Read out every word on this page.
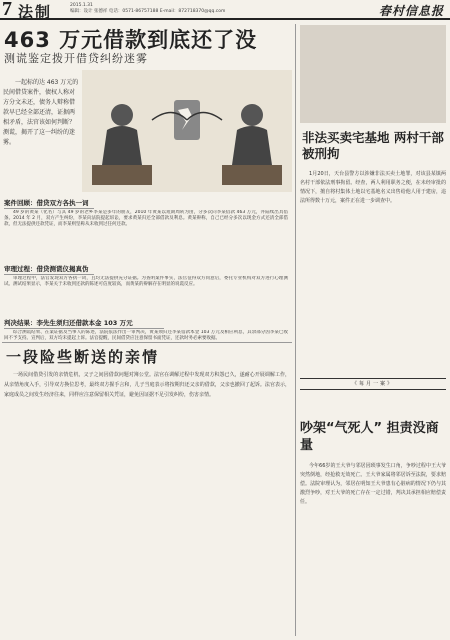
7 法制	2015.1.31
编辑：设计 张德祥 电话：0571-86757188 E-mail：872718370@qq.com	春村信息报
463 万元借款到底还了没
测谎鉴定拨开借贷纠纷迷雾
一起标的达 463 万元的民间借贷案件，债权人称对方分文未还，债务人辩称借款早已经全部还清，证据两相矛盾，法官该如何判断？测谎，揭开了这一纠纷的迷雾。
案件回顾：借贷双方各执一词
49 岁的黄某（化名）与其 49 岁的老乡李某是多年的朋友，2010 年黄某以短期周转为由，分多次向李某借款 463 万元，并陆续出具借条。2014 年 2 月，双方产生纠纷，李某向法院提起诉讼，要求黄某归还全部借款及利息。黄某辩称，自己已经分多次以现金方式还清全部借款，但无法提供还款凭证，而李某则坚称从未收到过任何还款。
审理过程：借贷测谎仪揭真伪
审理过程中，法官发现双方各执一词，且均无法提供充分证据。为查明案件事实，法官征得双方同意后，委托专业机构对双方进行心理测试。测试结果显示，李某关于未收到还款的陈述可信度较高，而黄某的辩解存在明显的说谎反应。
判决结果：李先生须归还借款本金 103 万元
综合测谎结果、在案证据及当事人的陈述，法院依法作出一审判决，黄某须归还李某借款本金 103 万元及相应利息，其余部分因李某已收回不予支持。宣判后，双方均未提起上诉。法官提醒，民间借贷应注意保留书面凭证，还款时务必索要收据。
一段险些断送的亲情
一场民间借贷引发的亲情危机，父子之间因借款问题对簿公堂。法官在调解过程中发现双方积怨已久，遂耐心开展调解工作，从亲情角度入手，引导双方换位思考，最终双方握手言和，儿子当庭表示将按期归还父亲的借款，父亲也撤回了起诉。法官表示，家庭成员之间发生经济往来，同样应注意保留相关凭证，避免因证据不足引发纠纷，伤害亲情。
非法买卖宅基地 两村干部被刑拘
1月20日，天台县警方以涉嫌非法买卖土地罪，对该县某镇两名村干部依法刑事拘留。经查，两人利用职务之便，在未经审批的情况下，擅自将村集体土地以宅基地名义出售给他人用于建房，违法所得数十万元，案件正在进一步调查中。
《每月一案》
吵架“气死人” 担责没商量
今年66岁的王大爷与邻居因琐事发生口角，争吵过程中王大爷突然倒地，经抢救无效死亡。王大爷家属将邻居诉至法院，要求赔偿。法院审理认为，邻居在明知王大爷患有心脏病的情况下仍与其激烈争吵，对王大爷的死亡存在一定过错，判决其承担相应赔偿责任。
